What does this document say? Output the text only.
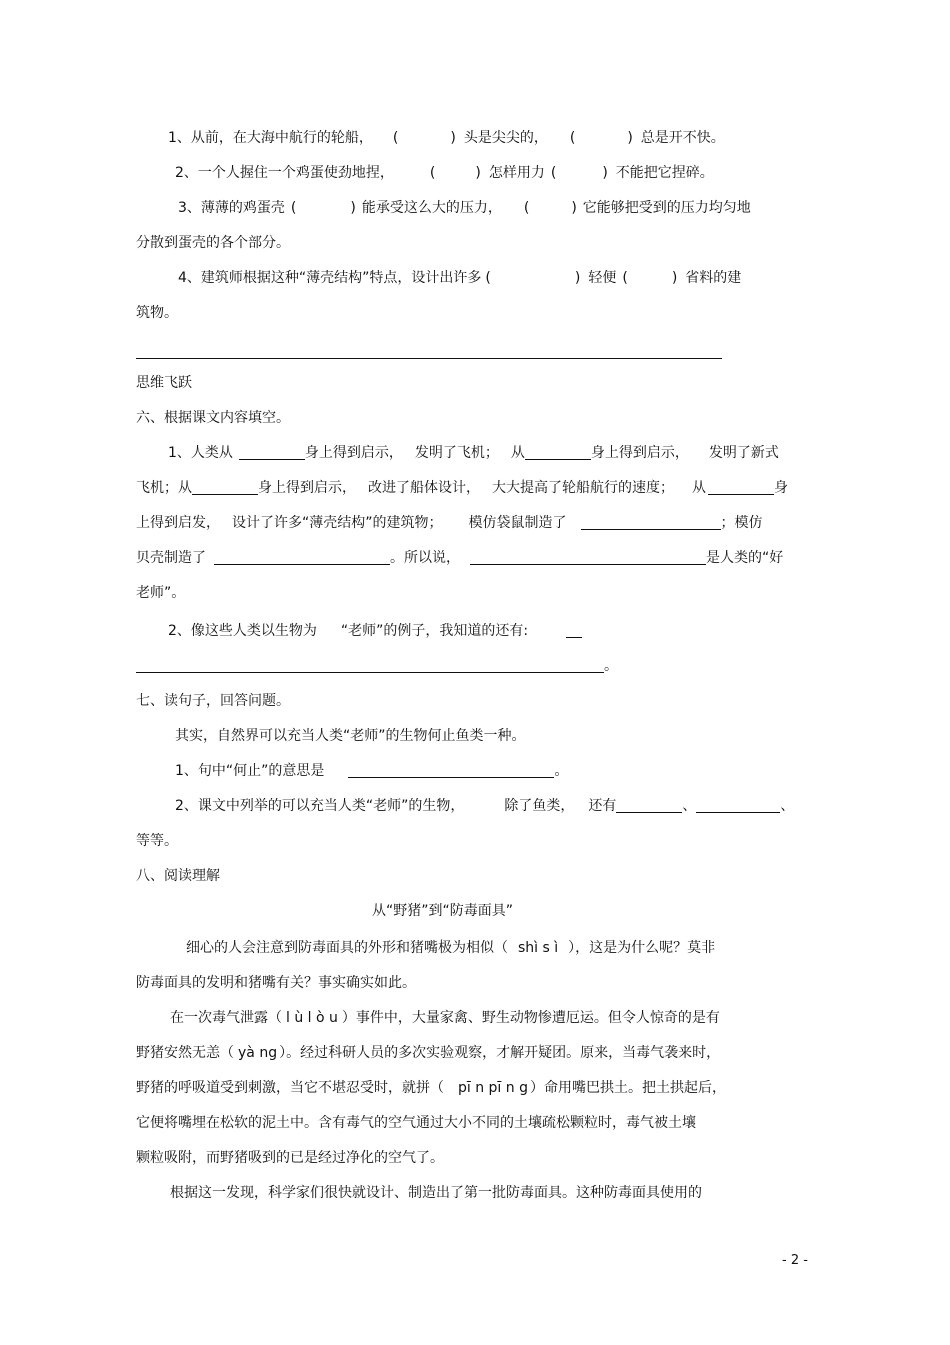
1、从前，在大海中航行的轮船， (	) 头是尖尖的， (	) 总是开不快。
2、一个人握住一个鸡蛋使劲地捏，	(	) 怎样用力 (	) 不能把它捏碎。
3、薄薄的鸡蛋壳 (	) 能承受这么大的压力， (	) 它能够把受到的压力均匀地
分散到蛋壳的各个部分。
4、建筑师根据这种“薄壳结构”特点，设计出许多 (	) 轻便 (	) 省料的建
筑物。
思维飞跃
六、根据课文内容填空。
1、人类从	身上得到启示， 发明了飞机； 从	身上得到启示， 发明了新式
飞机；从	身上得到启示， 改进了船体设计， 大大提高了轮船航行的速度； 从	身
上得到启发， 设计了许多“薄壳结构”的建筑物； 模仿袋鼠制造了	；模仿
贝壳制造了	。所以说，	是人类的“好
老师”。
2、像这些人类以生物为 “老师”的例子，我知道的还有:
。
七、读句子，回答问题。
其实，自然界可以充当人类“老师”的生物何止鱼类一种。
1、句中“何止”的意思是	。
2、课文中列举的可以充当人类“老师”的生物，	除了鱼类， 还有	、	、
等等。
八、阅读理解
从“野猪”到“防毒面具”
细心的人会注意到防毒面具的外形和猪嘴极为相似（ shì s ì ），这是为什么呢？莫非
防毒面具的发明和猪嘴有关？事实确实如此。
在一次毒气泄露（ l ù l ò u ）事件中，大量家禽、野生动物惨遭厄运。但令人惊奇的是有
野猪安然无恙（ yà ng ）。经过科研人员的多次实验观察，才解开疑团。原来，当毒气袭来时，
野猪的呼吸道受到刺激，当它不堪忍受时，就拼（ pī n pī n g ）命用嘴巴拱土。把土拱起后，
它便将嘴埋在松软的泥土中。含有毒气的空气通过大小不同的土壤疏松颗粒时，毒气被土壤
颗粒吸附，而野猪吸到的已是经过净化的空气了。
根据这一发现，科学家们很快就设计、制造出了第一批防毒面具。这种防毒面具使用的
- 2 -
